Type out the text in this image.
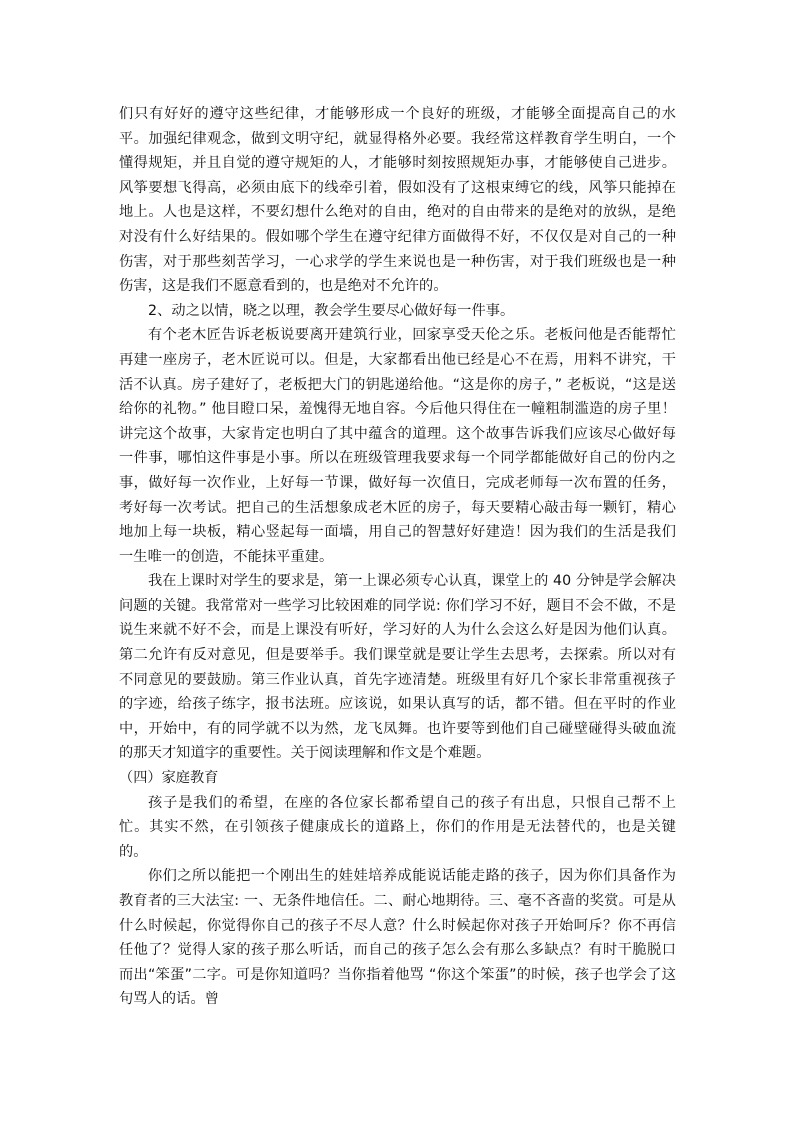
们只有好好的遵守这些纪律，才能够形成一个良好的班级，才能够全面提高自己的水平。加强纪律观念，做到文明守纪，就显得格外必要。我经常这样教育学生明白，一个懂得规矩，并且自觉的遵守规矩的人，才能够时刻按照规矩办事，才能够使自己进步。风筝要想飞得高，必须由底下的线牵引着，假如没有了这根束缚它的线，风筝只能掉在地上。人也是这样，不要幻想什么绝对的自由，绝对的自由带来的是绝对的放纵，是绝对没有什么好结果的。假如哪个学生在遵守纪律方面做得不好，不仅仅是对自己的一种伤害，对于那些刻苦学习，一心求学的学生来说也是一种伤害，对于我们班级也是一种伤害，这是我们不愿意看到的，也是绝对不允许的。

2、动之以情，晓之以理，教会学生要尽心做好每一件事。

有个老木匠告诉老板说要离开建筑行业，回家享受天伦之乐。老板问他是否能帮忙再建一座房子，老木匠说可以。但是，大家都看出他已经是心不在焉，用料不讲究，干活不认真。房子建好了，老板把大门的钥匙递给他。“这是你的房子，” 老板说，“这是送给你的礼物。” 他目瞪口呆，羞愧得无地自容。今后他只得住在一幢粗制滥造的房子里！讲完这个故事，大家肯定也明白了其中蕴含的道理。这个故事告诉我们应该尽心做好每一件事，哪怕这件事是小事。所以在班级管理我要求每一个同学都能做好自己的份内之事，做好每一次作业，上好每一节课，做好每一次值日，完成老师每一次布置的任务，考好每一次考试。把自己的生活想象成老木匠的房子，每天要精心敲击每一颗钉，精心地加上每一块板，精心竖起每一面墙，用自己的智慧好好建造！因为我们的生活是我们一生唯一的创造，不能抹平重建。

我在上课时对学生的要求是，第一上课必须专心认真，课堂上的 40 分钟是学会解决问题的关键。我常常对一些学习比较困难的同学说: 你们学习不好，题目不会不做，不是说生来就不好不会，而是上课没有听好，学习好的人为什么会这么好是因为他们认真。第二允许有反对意见，但是要举手。我们课堂就是要让学生去思考，去探索。所以对有不同意见的要鼓励。第三作业认真，首先字迹清楚。班级里有好几个家长非常重视孩子的字迹，给孩子练字，报书法班。应该说，如果认真写的话，都不错。但在平时的作业中，开始中，有的同学就不以为然，龙飞凤舞。也许要等到他们自己碰壁碰得头破血流的那天才知道字的重要性。关于阅读理解和作文是个难题。

（四）家庭教育

孩子是我们的希望，在座的各位家长都希望自己的孩子有出息，只恨自己帮不上忙。其实不然，在引领孩子健康成长的道路上，你们的作用是无法替代的，也是关键的。

你们之所以能把一个刚出生的娃娃培养成能说话能走路的孩子，因为你们具备作为教育者的三大法宝: 一、无条件地信任。二、耐心地期待。三、毫不吝啬的奖赏。可是从什么时候起，你觉得你自己的孩子不尽人意？什么时候起你对孩子开始呵斥？你不再信任他了？觉得人家的孩子那么听话，而自己的孩子怎么会有那么多缺点？有时干脆脱口而出“笨蛋”二字。可是你知道吗？当你指着他骂 “你这个笨蛋”的时候，孩子也学会了这句骂人的话。曾
